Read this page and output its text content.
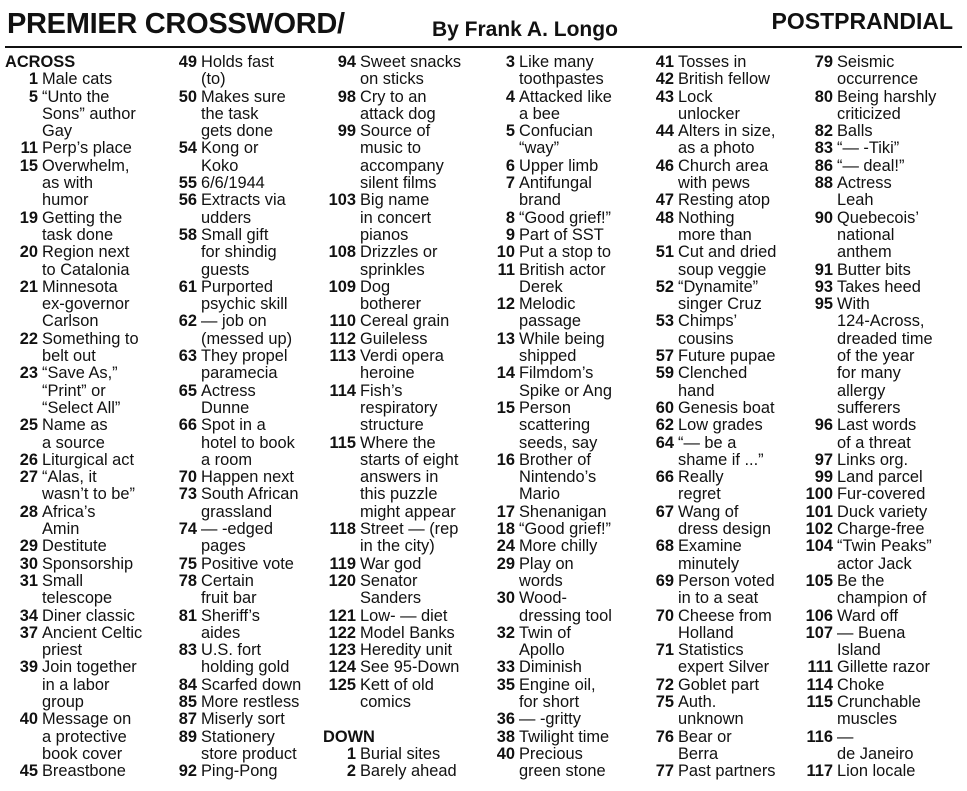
PREMIER CROSSWORD/	By Frank A. Longo	POSTPRANDIAL
ACROSS
1 Male cats
5 “Unto the
Sons” author
Gay
11 Perp’s place
15 Overwhelm,
as with
humor
19 Getting the
task done
20 Region next
to Catalonia
21 Minnesota
ex-governor
Carlson
22 Something to
belt out
23 “Save As,”
“Print” or
“Select All”
25 Name as
a source
26 Liturgical act
27 “Alas, it
wasn’t to be”
28 Africa’s
Amin
29 Destitute
30 Sponsorship
31 Small
telescope
34 Diner classic
37 Ancient Celtic
priest
39 Join together
in a labor
group
40 Message on
a protective
book cover
45 Breastbone
49 Holds fast
(to)
50 Makes sure
the task
gets done
54 Kong or
Koko
55 6/6/1944
56 Extracts via
udders
58 Small gift
for shindig
guests
61 Purported
psychic skill
62 — job on
(messed up)
63 They propel
paramecia
65 Actress
Dunne
66 Spot in a
hotel to book
a room
70 Happen next
73 South African
grassland
74 — -edged
pages
75 Positive vote
78 Certain
fruit bar
81 Sheriff’s
aides
83 U.S. fort
holding gold
84 Scarfed down
85 More restless
87 Miserly sort
89 Stationery
store product
92 Ping-Pong
94 Sweet snacks
on sticks
98 Cry to an
attack dog
99 Source of
music to
accompany
silent films
103 Big name
in concert
pianos
108 Drizzles or
sprinkles
109 Dog
botherer
110 Cereal grain
112 Guileless
113 Verdi opera
heroine
114 Fish’s
respiratory
structure
115 Where the
starts of eight
answers in
this puzzle
might appear
118 Street — (rep
in the city)
119 War god
120 Senator
Sanders
121 Low- — diet
122 Model Banks
123 Heredity unit
124 See 95-Down
125 Kett of old
comics
DOWN
1 Burial sites
2 Barely ahead
3 Like many
toothpastes
4 Attacked like
a bee
5 Confucian
“way”
6 Upper limb
7 Antifungal
brand
8 “Good grief!”
9 Part of SST
10 Put a stop to
11 British actor
Derek
12 Melodic
passage
13 While being
shipped
14 Filmdom’s
Spike or Ang
15 Person
scattering
seeds, say
16 Brother of
Nintendo’s
Mario
17 Shenanigan
18 “Good grief!”
24 More chilly
29 Play on
words
30 Wood-
dressing tool
32 Twin of
Apollo
33 Diminish
35 Engine oil,
for short
36 — -gritty
38 Twilight time
40 Precious
green stone
41 Tosses in
42 British fellow
43 Lock
unlocker
44 Alters in size,
as a photo
46 Church area
with pews
47 Resting atop
48 Nothing
more than
51 Cut and dried
soup veggie
52 “Dynamite”
singer Cruz
53 Chimps’
cousins
57 Future pupae
59 Clenched
hand
60 Genesis boat
62 Low grades
64 “— be a
shame if ...”
66 Really
regret
67 Wang of
dress design
68 Examine
minutely
69 Person voted
in to a seat
70 Cheese from
Holland
71 Statistics
expert Silver
72 Goblet part
75 Auth.
unknown
76 Bear or
Berra
77 Past partners
79 Seismic
occurrence
80 Being harshly
criticized
82 Balls
83 “— -Tiki”
86 “— deal!”
88 Actress
Leah
90 Quebecois’
national
anthem
91 Butter bits
93 Takes heed
95 With
124-Across,
dreaded time
of the year
for many
allergy
sufferers
96 Last words
of a threat
97 Links org.
99 Land parcel
100 Fur-covered
101 Duck variety
102 Charge-free
104 “Twin Peaks”
actor Jack
105 Be the
champion of
106 Ward off
107 — Buena
Island
111 Gillette razor
114 Choke
115 Crunchable
muscles
116 —
de Janeiro
117 Lion locale
